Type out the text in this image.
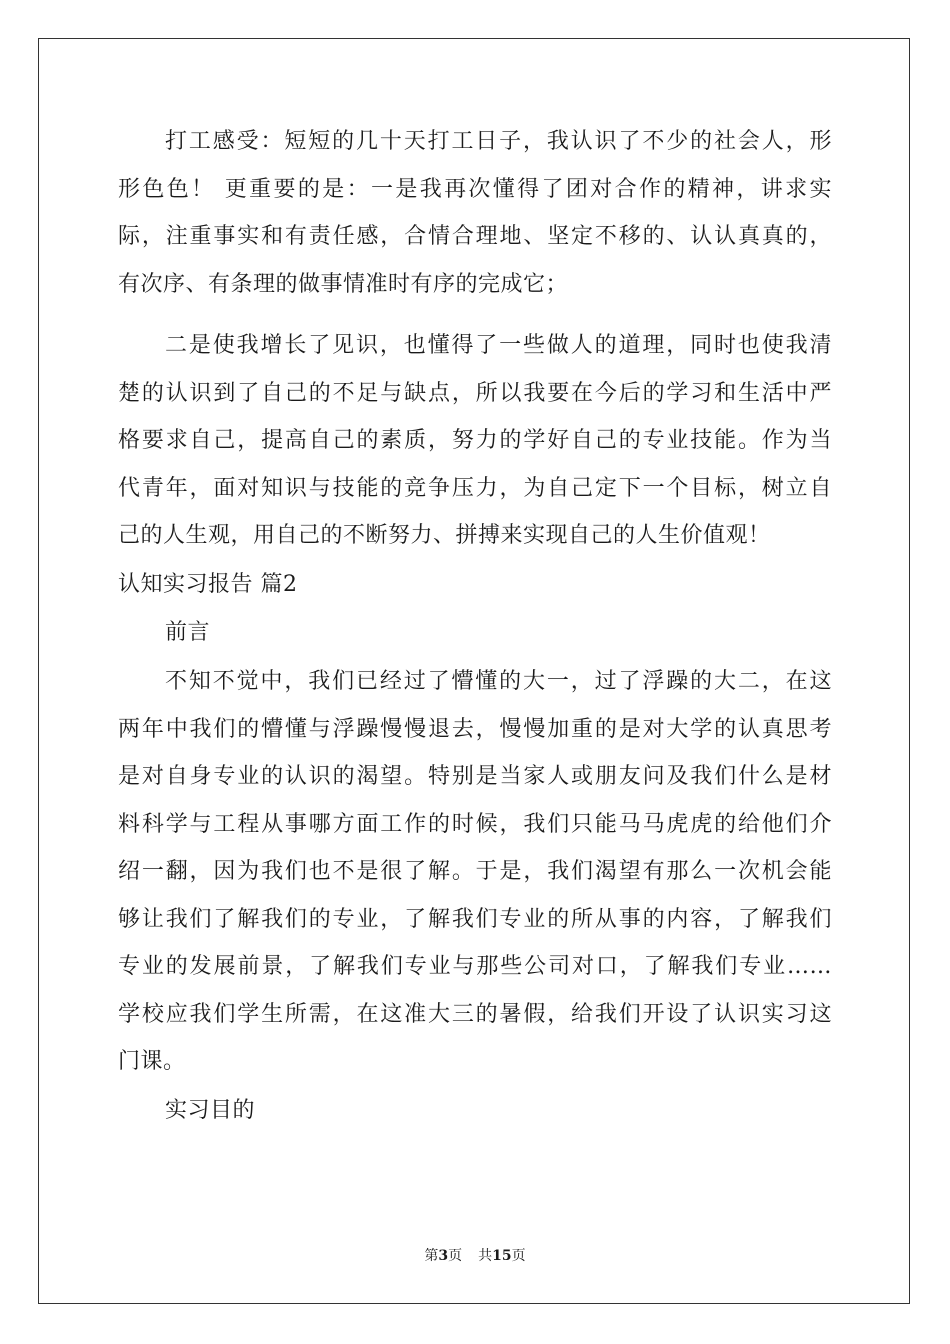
打工感受：短短的几十天打工日子，我认识了不少的社会人，形
形色色！ 更重要的是：一是我再次懂得了团对合作的精神，讲求实
际，注重事实和有责任感，合情合理地、坚定不移的、认认真真的，
有次序、有条理的做事情准时有序的完成它；
二是使我增长了见识，也懂得了一些做人的道理，同时也使我清
楚的认识到了自己的不足与缺点，所以我要在今后的学习和生活中严
格要求自己，提高自己的素质，努力的学好自己的专业技能。作为当
代青年，面对知识与技能的竞争压力，为自己定下一个目标，树立自
己的人生观，用自己的不断努力、拼搏来实现自己的人生价值观！
认知实习报告 篇2
前言
不知不觉中，我们已经过了懵懂的大一，过了浮躁的大二，在这
两年中我们的懵懂与浮躁慢慢退去，慢慢加重的是对大学的认真思考
是对自身专业的认识的渴望。特别是当家人或朋友问及我们什么是材
料科学与工程从事哪方面工作的时候，我们只能马马虎虎的给他们介
绍一翻，因为我们也不是很了解。于是，我们渴望有那么一次机会能
够让我们了解我们的专业，了解我们专业的所从事的内容，了解我们
专业的发展前景，了解我们专业与那些公司对口，了解我们专业……
学校应我们学生所需，在这准大三的暑假，给我们开设了认识实习这
门课。
实习目的
第3页 共15页
